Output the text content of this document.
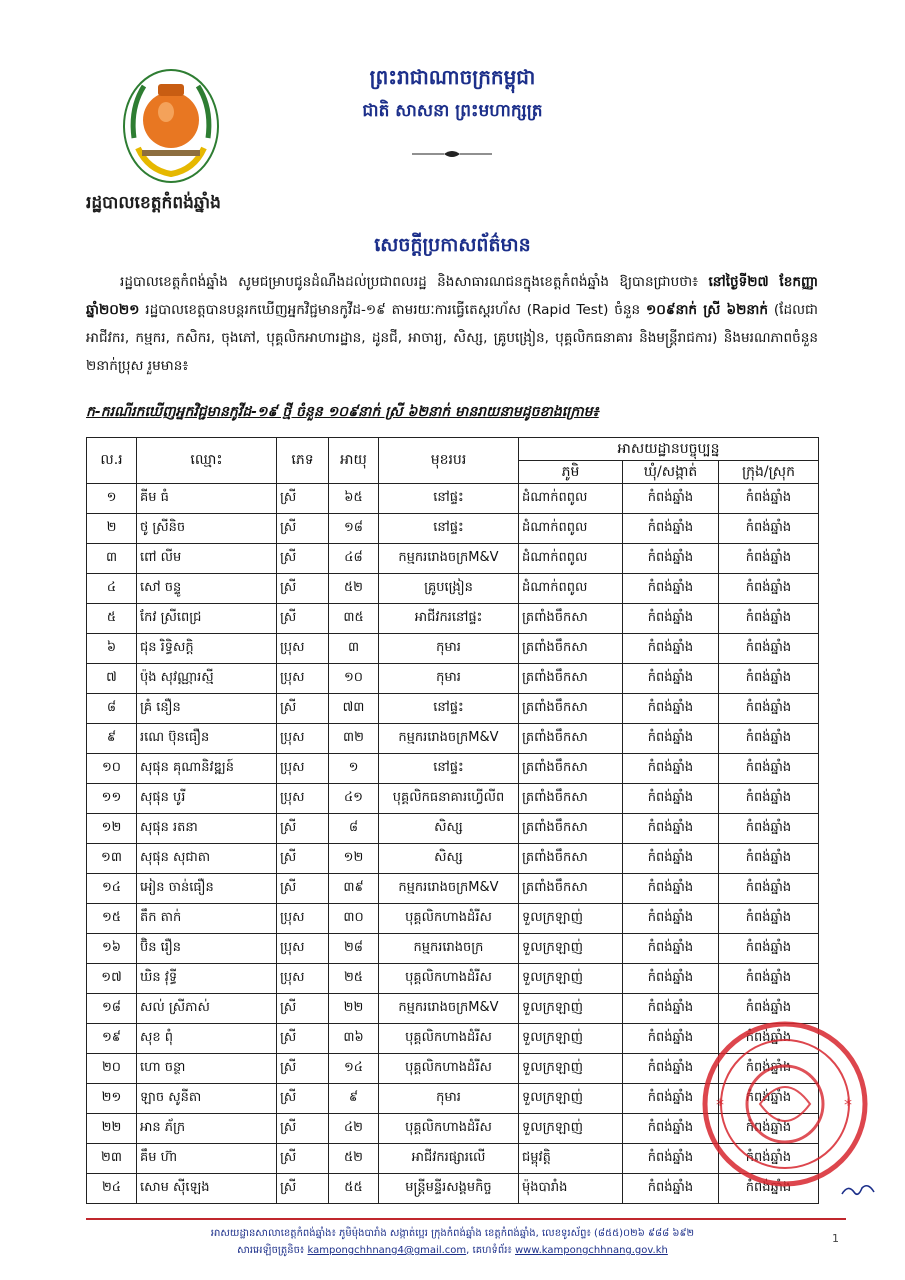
ព្រះរាជាណាចក្រកម្ពុជា
ជាតិ សាសនា ព្រះមហាក្សត្រ
រដ្ឋបាលខេត្តកំពង់ឆ្នាំង
សេចក្តីប្រកាសព័ត៌មាន
រដ្ឋបាលខេត្តកំពង់ឆ្នាំង សូមជម្រាបជូនដំណឹងដល់ប្រជាពលរដ្ឋ និងសាធារណជនក្នុងខេត្តកំពង់ឆ្នាំង ឱ្យបានជ្រាបថា៖ នៅថ្ងៃទី២៧ ខែកញ្ញា ឆ្នាំ២០២១ រដ្ឋបាលខេត្តបានបន្តរកឃើញអ្នកវិជ្ជមានកូវីដ-១៩ តាមរយៈការធ្វើតេស្តរហ័ស (Rapid Test) ចំនួន ១០៩នាក់ ស្រី ៦២នាក់ (ដែលជាអាជីវករ, កម្មករ, កសិករ, ចុងភៅ, បុគ្គលិកអាហារដ្ឋាន, ដូនជី, អាចារ្យ, សិស្ស, គ្រូបង្រៀន, បុគ្គលិកធនាគារ និងមន្ត្រីរាជការ) និងមរណភាពចំនួន ២នាក់ប្រុស រួមមាន៖
ក-ករណីរកឃើញអ្នកវិជ្ជមានកូវីដ-១៩ ថ្មី ចំនួន ១០៩នាក់ ស្រី ៦២នាក់ មានរាយនាមដូចខាងក្រោម៖
ល.រ	ឈ្មោះ	ភេទ	អាយុ	មុខរបរ	អាសយដ្ឋានបច្ចុប្បន្ន		
					ភូមិ	ឃុំ/សង្កាត់	ក្រុង/ស្រុក
១	គីម ធំ	ស្រី	៦៥	នៅផ្ទះ	ដំណាក់ពពូល	កំពង់ឆ្នាំង	កំពង់ឆ្នាំង
២	ថូ ស្រីនិច	ស្រី	១៨	នៅផ្ទះ	ដំណាក់ពពូល	កំពង់ឆ្នាំង	កំពង់ឆ្នាំង
៣	ពៅ លីម	ស្រី	៤៨	កម្មកររោងចក្រM&V	ដំណាក់ពពូល	កំពង់ឆ្នាំង	កំពង់ឆ្នាំង
៤	សៅ ចន្ទូ	ស្រី	៥២	គ្រូបង្រៀន	ដំណាក់ពពូល	កំពង់ឆ្នាំង	កំពង់ឆ្នាំង
៥	កែវ ស្រីពេជ្រ	ស្រី	៣៥	អាជីវករនៅផ្ទះ	ត្រពាំងចឹកសា	កំពង់ឆ្នាំង	កំពង់ឆ្នាំង
៦	ជុន រិទ្ធិសក្តិ	ប្រុស	៣	កុមារ	ត្រពាំងចឹកសា	កំពង់ឆ្នាំង	កំពង់ឆ្នាំង
៧	ប៉ុង សុវណ្ណារស្មី	ប្រុស	១០	កុមារ	ត្រពាំងចឹកសា	កំពង់ឆ្នាំង	កំពង់ឆ្នាំង
៨	គ្រំ នឿន	ស្រី	៧៣	នៅផ្ទះ	ត្រពាំងចឹកសា	កំពង់ឆ្នាំង	កំពង់ឆ្នាំង
៩	រណេ ប៊ុនធឿន	ប្រុស	៣២	កម្មកររោងចក្រM&V	ត្រពាំងចឹកសា	កំពង់ឆ្នាំង	កំពង់ឆ្នាំង
១០	សុផុន គុណានិវឌ្ឍន៍	ប្រុស	១	នៅផ្ទះ	ត្រពាំងចឹកសា	កំពង់ឆ្នាំង	កំពង់ឆ្នាំង
១១	សុផុន បូរី	ប្រុស	៤១	បុគ្គលិកធនាគារហ្វើលីព	ត្រពាំងចឹកសា	កំពង់ឆ្នាំង	កំពង់ឆ្នាំង
១២	សុផុន រតនា	ស្រី	៨	សិស្ស	ត្រពាំងចឹកសា	កំពង់ឆ្នាំង	កំពង់ឆ្នាំង
១៣	សុផុន សុជាតា	ស្រី	១២	សិស្ស	ត្រពាំងចឹកសា	កំពង់ឆ្នាំង	កំពង់ឆ្នាំង
១៤	អៀន ចាន់ធឿន	ស្រី	៣៩	កម្មកររោងចក្រM&V	ត្រពាំងចឹកសា	កំពង់ឆ្នាំង	កំពង់ឆ្នាំង
១៥	តឹក តាក់	ប្រុស	៣០	បុគ្គលិកហាងដំរីស	ទួលក្រឡាញ់	កំពង់ឆ្នាំង	កំពង់ឆ្នាំង
១៦	ប៊ិន រឿន	ប្រុស	២៨	កម្មកររោងចក្រ	ទួលក្រឡាញ់	កំពង់ឆ្នាំង	កំពង់ឆ្នាំង
១៧	ឃិន វុទ្ធី	ប្រុស	២៥	បុគ្គលិកហាងដំរីស	ទួលក្រឡាញ់	កំពង់ឆ្នាំង	កំពង់ឆ្នាំង
១៨	សល់ ស្រីភាស់	ស្រី	២២	កម្មកររោងចក្រM&V	ទួលក្រឡាញ់	កំពង់ឆ្នាំង	កំពង់ឆ្នាំង
១៩	សុខ ពុំ	ស្រី	៣៦	បុគ្គលិកហាងដំរីស	ទួលក្រឡាញ់	កំពង់ឆ្នាំង	កំពង់ឆ្នាំង
២០	ហោ ចន្ថា	ស្រី	១៤	បុគ្គលិកហាងដំរីស	ទួលក្រឡាញ់	កំពង់ឆ្នាំង	កំពង់ឆ្នាំង
២១	ឡាច សូនីតា	ស្រី	៩	កុមារ	ទួលក្រឡាញ់	កំពង់ឆ្នាំង	កំពង់ឆ្នាំង
២២	អាន ភ័ក្រ	ស្រី	៤២	បុគ្គលិកហាងដំរីស	ទួលក្រឡាញ់	កំពង់ឆ្នាំង	កំពង់ឆ្នាំង
២៣	គឹម ហ៊ា	ស្រី	៥២	អាជីវករផ្សារលើ	ជម្ពុវត្តិ	កំពង់ឆ្នាំង	កំពង់ឆ្នាំង
២៤	សោម ស៊ីឡេង	ស្រី	៥៥	មន្ត្រីមន្ទីរសង្គមកិច្ច	ម៉ុងបារាំង	កំពង់ឆ្នាំង	កំពង់ឆ្នាំង
*	*
អាសយដ្ឋានសាលាខេត្តកំពង់ឆ្នាំង៖ ភូមិម៉ុងបារាំង សង្កាត់ប្អេរ ក្រុងកំពង់ឆ្នាំង ខេត្តកំពង់ឆ្នាំង, លេខទូរស័ព្ទ៖ (៨៥៥)០២៦ ៩៨៨ ៦៩២
សារអេឡិចត្រូនិច៖ kampongchhnang4@gmail.com, គេហទំព័រ៖ www.kampongchhnang.gov.kh
1
